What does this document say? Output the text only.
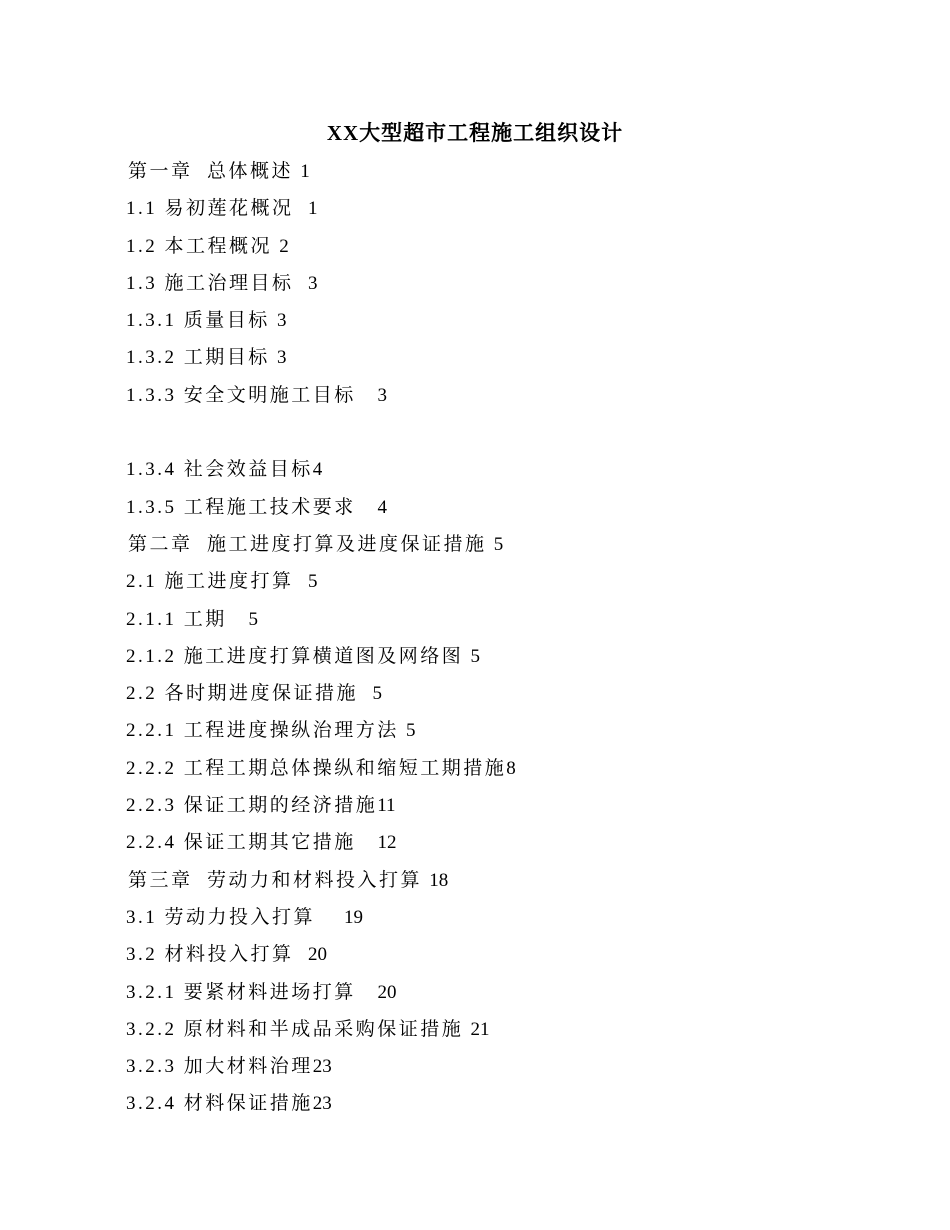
XX大型超市工程施工组织设计
第一章  总体概述 1
1.1 易初莲花概况 1
1.2 本工程概况 2
1.3 施工治理目标 3
1.3.1 质量目标 3
1.3.2 工期目标 3
1.3.3 安全文明施工目标 3
1.3.4 社会效益目标4
1.3.5 工程施工技术要求 4
第二章  施工进度打算及进度保证措施 5
2.1 施工进度打算 5
2.1.1 工期 5
2.1.2 施工进度打算横道图及网络图 5
2.2 各时期进度保证措施 5
2.2.1 工程进度操纵治理方法 5
2.2.2 工程工期总体操纵和缩短工期措施8
2.2.3 保证工期的经济措施11
2.2.4 保证工期其它措施 12
第三章  劳动力和材料投入打算 18
3.1 劳动力投入打算 19
3.2 材料投入打算 20
3.2.1 要紧材料进场打算 20
3.2.2 原材料和半成品采购保证措施 21
3.2.3 加大材料治理23
3.2.4 材料保证措施23
